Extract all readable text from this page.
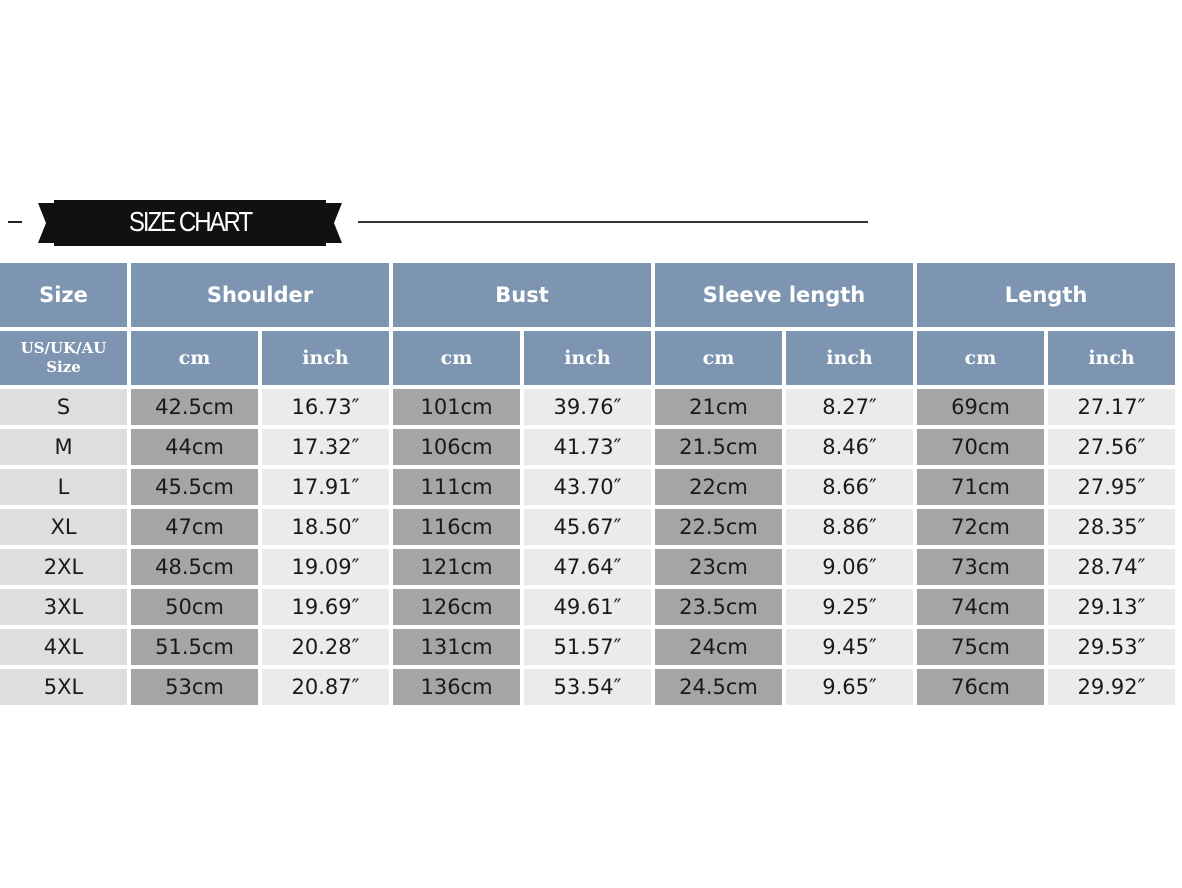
SIZE CHART
Size	Shoulder		Bust		Sleeve length		Length	

US/UK/AU
Size	cm	inch	cm	inch	cm	inch	cm	inch
S	42.5cm	16.73″	101cm	39.76″	21cm	8.27″	69cm	27.17″
M	44cm	17.32″	106cm	41.73″	21.5cm	8.46″	70cm	27.56″
L	45.5cm	17.91″	111cm	43.70″	22cm	8.66″	71cm	27.95″
XL	47cm	18.50″	116cm	45.67″	22.5cm	8.86″	72cm	28.35″
2XL	48.5cm	19.09″	121cm	47.64″	23cm	9.06″	73cm	28.74″
3XL	50cm	19.69″	126cm	49.61″	23.5cm	9.25″	74cm	29.13″
4XL	51.5cm	20.28″	131cm	51.57″	24cm	9.45″	75cm	29.53″
5XL	53cm	20.87″	136cm	53.54″	24.5cm	9.65″	76cm	29.92″
